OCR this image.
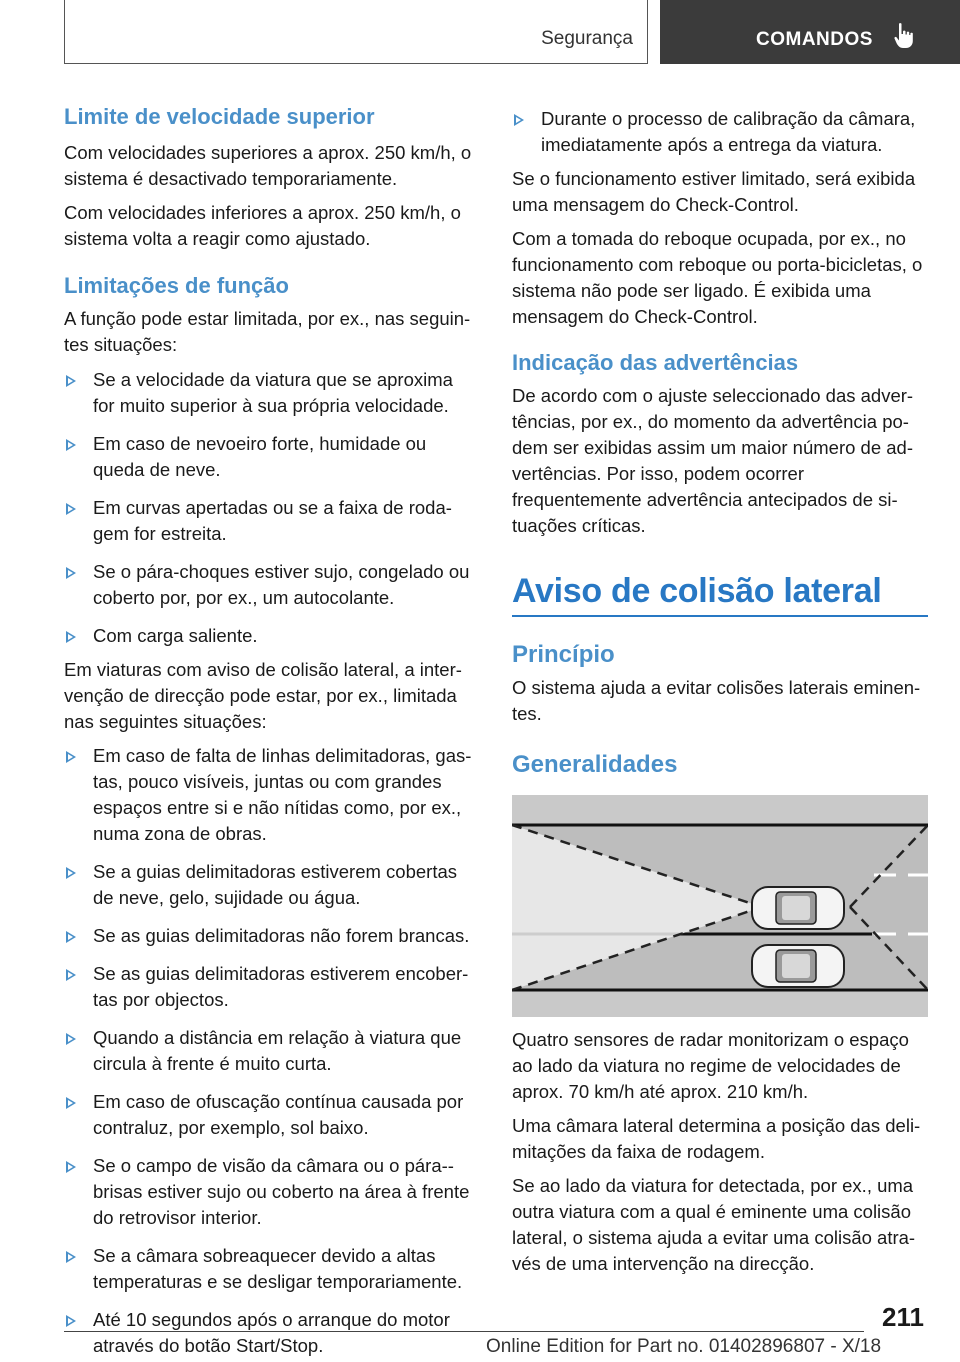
Segurança	COMANDOS
Limite de velocidade superior

Com velocidades superiores a aprox. 250 km/h, o sistema é desactivado temporariamente.

Com velocidades inferiores a aprox. 250 km/h, o sistema volta a reagir como ajustado.

Limitações de função

A função pode estar limitada, por ex., nas seguin‐tes situações:

Se a velocidade da viatura que se aproxima for muito superior à sua própria velocidade.
Em caso de nevoeiro forte, humidade ou queda de neve.
Em curvas apertadas ou se a faixa de roda‐gem for estreita.
Se o pára-choques estiver sujo, congelado ou coberto por, por ex., um autocolante.
Com carga saliente.

Em viaturas com aviso de colisão lateral, a inter‐venção de direcção pode estar, por ex., limitada nas seguintes situações:

Em caso de falta de linhas delimitadoras, gas‐tas, pouco visíveis, juntas ou com grandes espaços entre si e não nítidas como, por ex., numa zona de obras.
Se a guias delimitadoras estiverem cobertas de neve, gelo, sujidade ou água.
Se as guias delimitadoras não forem brancas.
Se as guias delimitadoras estiverem encober‐tas por objectos.
Quando a distância em relação à viatura que circula à frente é muito curta.
Em caso de ofuscação contínua causada por contraluz, por exemplo, sol baixo.
Se o campo de visão da câmara ou o pára--brisas estiver sujo ou coberto na área à frente do retrovisor interior.
Se a câmara sobreaquecer devido a altas temperaturas e se desligar temporariamente.
Até 10 segundos após o arranque do motor através do botão Start/Stop.
Durante o processo de calibração da câmara, imediatamente após a entrega da viatura.

Se o funcionamento estiver limitado, será exibida uma mensagem do Check-Control.

Com a tomada do reboque ocupada, por ex., no funcionamento com reboque ou porta-bicicletas, o sistema não pode ser ligado. É exibida uma mensagem do Check-Control.

Indicação das advertências

De acordo com o ajuste seleccionado das adver‐tências, por ex., do momento da advertência po‐dem ser exibidas assim um maior número de ad‐vertências. Por isso, podem ocorrer frequentemente advertência antecipados de si‐tuações críticas.

Aviso de colisão lateral
Princípio

O sistema ajuda a evitar colisões laterais eminen‐tes.

Generalidades

Quatro sensores de radar monitorizam o espaço ao lado da viatura no regime de velocidades de aprox. 70 km/h até aprox. 210 km/h.

Uma câmara lateral determina a posição das deli‐mitações da faixa de rodagem.

Se ao lado da viatura for detectada, por ex., uma outra viatura com a qual é eminente uma colisão lateral, o sistema ajuda a evitar uma colisão atra‐vés de uma intervenção na direcção.

211
Online Edition for Part no. 01402896807 - X/18
